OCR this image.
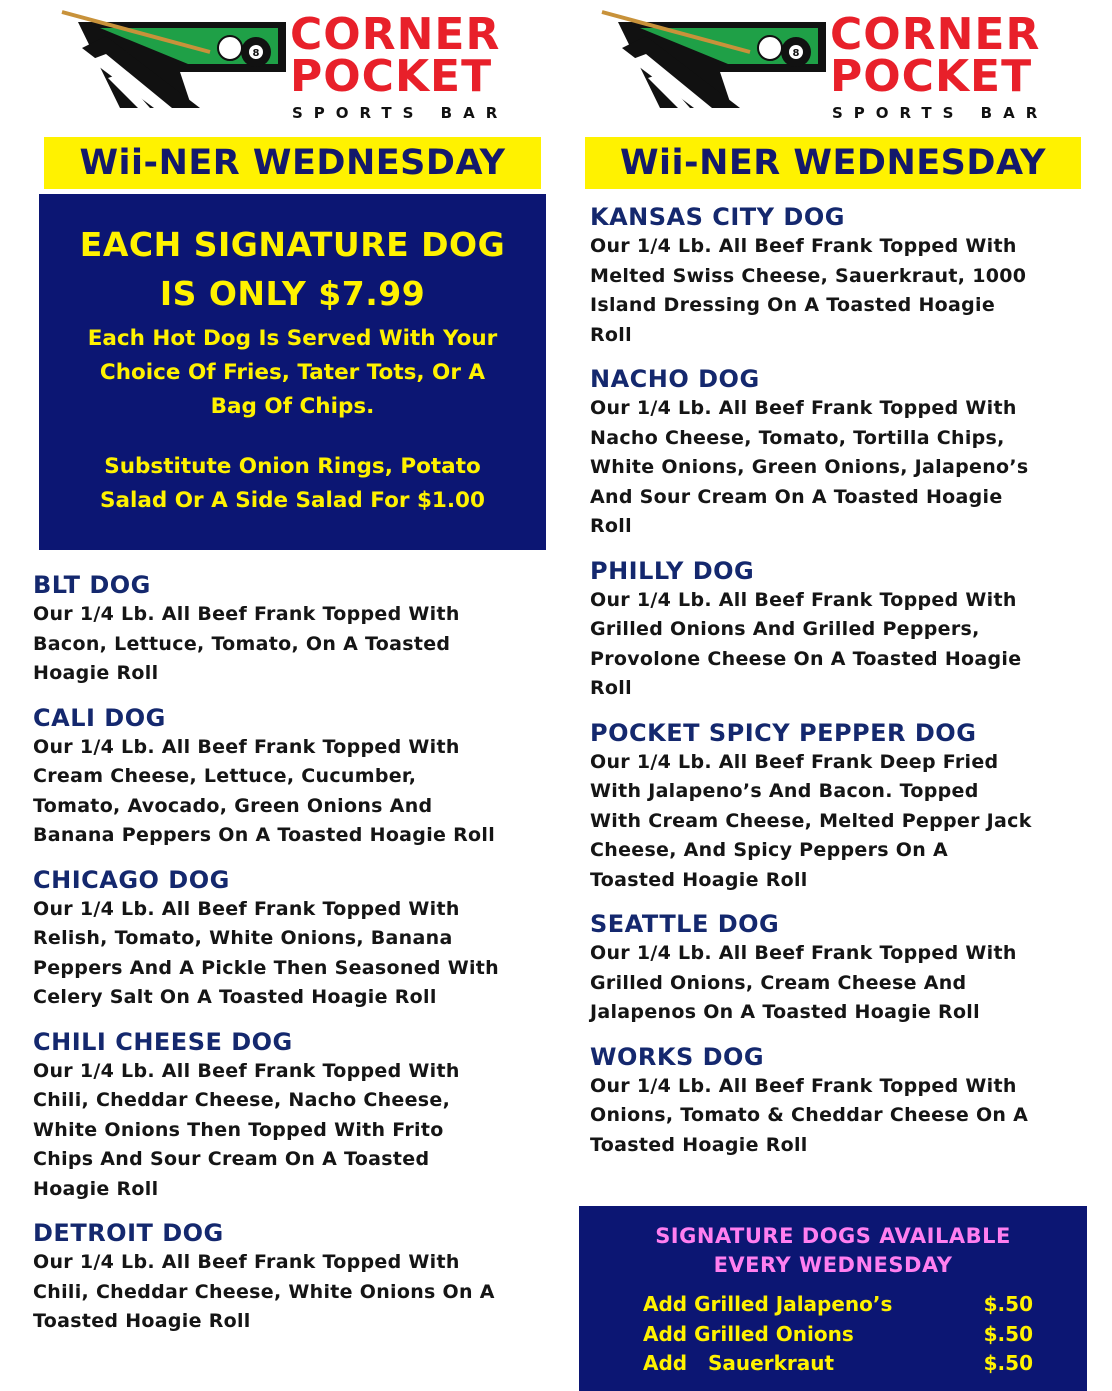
8 CORNER
POCKET
SPORTS BAR
8 CORNER
POCKET
SPORTS BAR
Wii-NER WEDNESDAY	Wii-NER WEDNESDAY
EACH SIGNATURE DOG
IS ONLY $7.99
Each Hot Dog Is Served With Your
Choice Of Fries, Tater Tots, Or A
Bag Of Chips.
Substitute Onion Rings, Potato
Salad Or A Side Salad For $1.00
BLT DOG

Our 1/4 Lb. All Beef Frank Topped With
Bacon, Lettuce, Tomato, On A Toasted
Hoagie Roll

CALI DOG

Our 1/4 Lb. All Beef Frank Topped With
Cream Cheese, Lettuce, Cucumber,
Tomato, Avocado, Green Onions And
Banana Peppers On A Toasted Hoagie Roll

CHICAGO DOG

Our 1/4 Lb. All Beef Frank Topped With
Relish, Tomato, White Onions, Banana
Peppers And A Pickle Then Seasoned With
Celery Salt On A Toasted Hoagie Roll

CHILI CHEESE DOG

Our 1/4 Lb. All Beef Frank Topped With
Chili, Cheddar Cheese, Nacho Cheese,
White Onions Then Topped With Frito
Chips And Sour Cream On A Toasted
Hoagie Roll

DETROIT DOG

Our 1/4 Lb. All Beef Frank Topped With
Chili, Cheddar Cheese, White Onions On A
Toasted Hoagie Roll

KANSAS CITY DOG

Our 1/4 Lb. All Beef Frank Topped With
Melted Swiss Cheese, Sauerkraut, 1000
Island Dressing On A Toasted Hoagie
Roll

NACHO DOG

Our 1/4 Lb. All Beef Frank Topped With
Nacho Cheese, Tomato, Tortilla Chips,
White Onions, Green Onions, Jalapeno’s
And Sour Cream On A Toasted Hoagie
Roll

PHILLY DOG

Our 1/4 Lb. All Beef Frank Topped With
Grilled Onions And Grilled Peppers,
Provolone Cheese On A Toasted Hoagie
Roll

POCKET SPICY PEPPER DOG

Our 1/4 Lb. All Beef Frank Deep Fried
With Jalapeno’s And Bacon. Topped
With Cream Cheese, Melted Pepper Jack
Cheese, And Spicy Peppers On A
Toasted Hoagie Roll

SEATTLE DOG

Our 1/4 Lb. All Beef Frank Topped With
Grilled Onions, Cream Cheese And
Jalapenos On A Toasted Hoagie Roll

WORKS DOG

Our 1/4 Lb. All Beef Frank Topped With
Onions, Tomato & Cheddar Cheese On A
Toasted Hoagie Roll

SIGNATURE DOGS AVAILABLE
EVERY WEDNESDAY
Add Grilled Jalapeno’s	$.50
Add Grilled Onions	$.50
Add   Sauerkraut	$.50
